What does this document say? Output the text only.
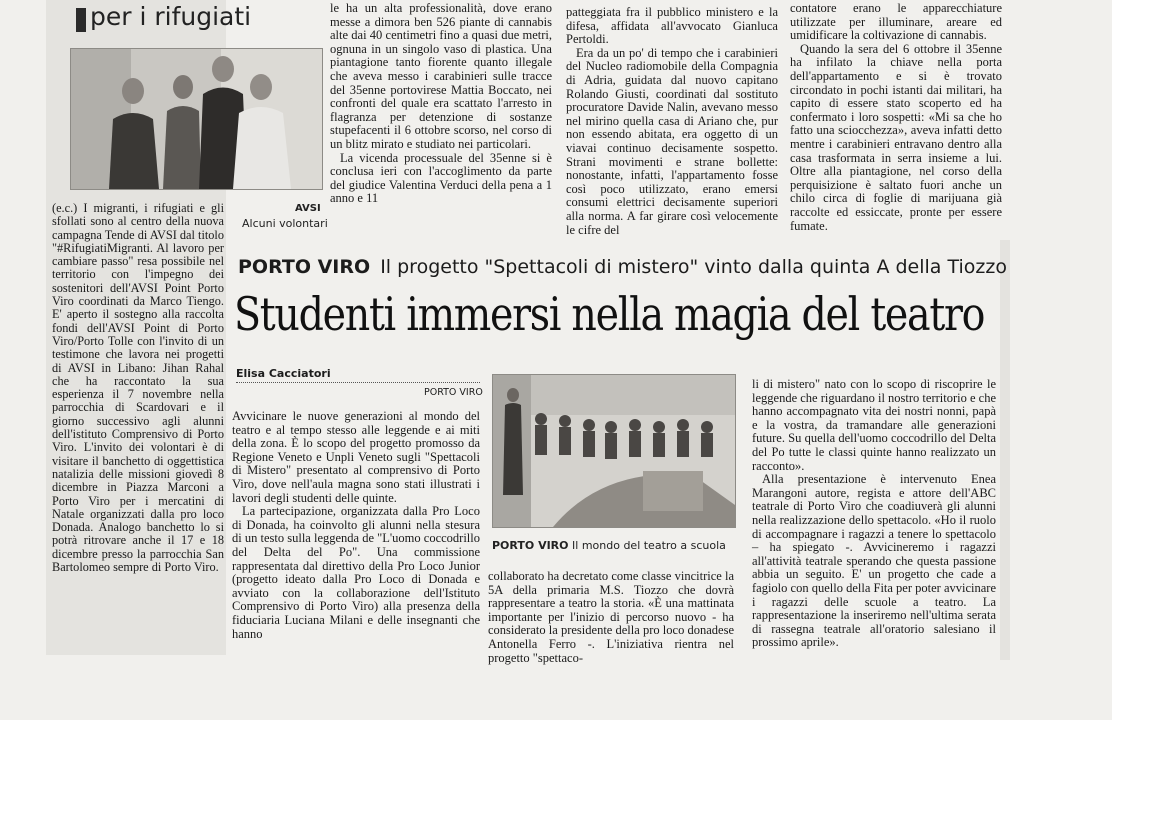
per i rifugiati
AVSI
Alcuni volontari

(e.c.) I migranti, i rifugiati e gli sfollati sono al centro della nuova campagna Tende di AVSI dal titolo "#RifugiatiMigranti. Al lavoro per cambiare passo" resa possibile nel territorio con l'impegno dei sostenitori dell'AVSI Point Porto Viro coordinati da Marco Tiengo. E' aperto il sostegno alla raccolta fondi dell'AVSI Point di Porto Viro/Porto Tolle con l'invito di un testimone che lavora nei progetti di AVSI in Libano: Jihan Rahal che ha raccontato la sua esperienza il 7 novembre nella parrocchia di Scardovari e il giorno successivo agli alunni dell'istituto Comprensivo di Porto Viro. L'invito dei volontari è di visitare il banchetto di oggettistica natalizia delle missioni giovedì 8 dicembre in Piazza Marconi a Porto Viro per i mercatini di Natale organizzati dalla pro loco Donada. Analogo banchetto lo si potrà ritrovare anche il 17 e 18 dicembre presso la parrocchia San Bartolomeo sempre di Porto Viro.

le ha un alta professionalità, dove erano messe a dimora ben 526 piante di cannabis alte dai 40 centimetri fino a quasi due metri, ognuna in un singolo vaso di plastica. Una piantagione tanto fiorente quanto illegale che aveva messo i carabinieri sulle tracce del 35enne portovirese Mattia Boccato, nei confronti del quale era scattato l'arresto in flagranza per detenzione di sostanze stupefacenti il 6 ottobre scorso, nel corso di un blitz mirato e studiato nei particolari.

La vicenda processuale del 35enne si è conclusa ieri con l'accoglimento da parte del giudice Valentina Verduci della pena a 1 anno e 11

patteggiata fra il pubblico ministero e la difesa, affidata all'avvocato Gianluca Pertoldi.

Era da un po' di tempo che i carabinieri del Nucleo radiomobile della Compagnia di Adria, guidata dal nuovo capitano Rolando Giusti, coordinati dal sostituto procuratore Davide Nalin, avevano messo nel mirino quella casa di Ariano che, pur non essendo abitata, era oggetto di un viavai continuo decisamente sospetto. Strani movimenti e strane bollette: nonostante, infatti, l'appartamento fosse così poco utilizzato, erano emersi consumi elettrici decisamente superiori alla norma. A far girare così velocemente le cifre del

contatore erano le apparecchiature utilizzate per illuminare, areare ed umidificare la coltivazione di cannabis.

Quando la sera del 6 ottobre il 35enne ha infilato la chiave nella porta dell'appartamento e si è trovato circondato in pochi istanti dai militari, ha capito di essere stato scoperto ed ha confermato i loro sospetti: «Mi sa che ho fatto una sciocchezza», aveva infatti detto mentre i carabinieri entravano dentro alla casa trasformata in serra insieme a lui. Oltre alla piantagione, nel corso della perquisizione è saltato fuori anche un chilo circa di foglie di marijuana già raccolte ed essiccate, pronte per essere fumate.

PORTO VIRO Il progetto "Spettacoli di mistero" vinto dalla quinta A della Tiozzo
Studenti immersi nella magia del teatro
Elisa Cacciatori
PORTO VIRO

Avvicinare le nuove generazioni al mondo del teatro e al tempo stesso alle leggende e ai miti della zona. È lo scopo del progetto promosso da Regione Veneto e Unpli Veneto sugli "Spettacoli di Mistero" presentato al comprensivo di Porto Viro, dove nell'aula magna sono stati illustrati i lavori degli studenti delle quinte.

La partecipazione, organizzata dalla Pro Loco di Donada, ha coinvolto gli alunni nella stesura di un testo sulla leggenda de "L'uomo coccodrillo del Delta del Po". Una commissione rappresentata dal direttivo della Pro Loco Junior (progetto ideato dalla Pro Loco di Donada e avviato con la collaborazione dell'Istituto Comprensivo di Porto Viro) alla presenza della fiduciaria Luciana Milani e delle insegnanti che hanno

PORTO VIRO Il mondo del teatro a scuola

collaborato ha decretato come classe vincitrice la 5A della primaria M.S. Tiozzo che dovrà rappresentare a teatro la storia. «È una mattinata importante per l'inizio di percorso nuovo - ha considerato la presidente della pro loco donadese Antonella Ferro -. L'iniziativa rientra nel progetto "spettaco-

li di mistero" nato con lo scopo di riscoprire le leggende che riguardano il nostro territorio e che hanno accompagnato vita dei nostri nonni, papà e la vostra, da tramandare alle generazioni future. Su quella dell'uomo coccodrillo del Delta del Po tutte le classi quinte hanno realizzato un racconto».

Alla presentazione è intervenuto Enea Marangoni autore, regista e attore dell'ABC teatrale di Porto Viro che coadiuverà gli alunni nella realizzazione dello spettacolo. «Ho il ruolo di accompagnare i ragazzi a tenere lo spettacolo – ha spiegato -. Avvicineremo i ragazzi all'attività teatrale sperando che questa passione abbia un seguito. E' un progetto che cade a fagiolo con quello della Fita per poter avvicinare i ragazzi delle scuole a teatro. La rappresentazione la inseriremo nell'ultima serata di rassegna teatrale all'oratorio salesiano il prossimo aprile».
